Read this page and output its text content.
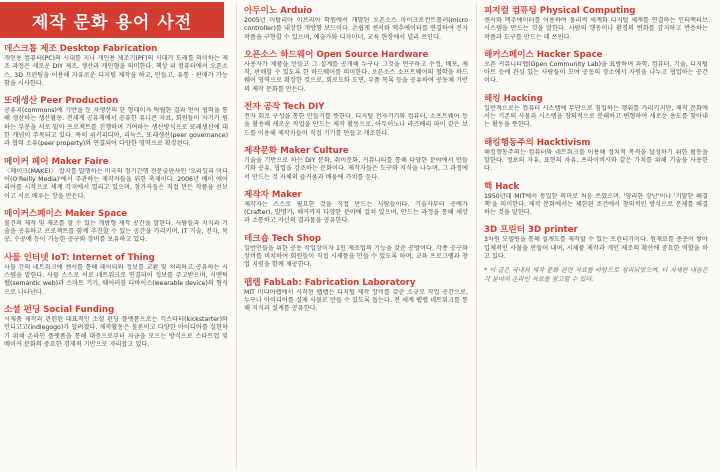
제작 문화 용어 사전
데스크톱 제조 Desktop Fabrication

개인용 컴퓨터(PC)의 시대를 지나 개인용 제조기(PF)의 시대가 도래를 의미하는 제조 과정은 새로운 DIY 제조, 생산과 개인형을 의미한다. 책상 위 컴퓨터에서 오픈소스, 3D 프린팅을 이용해 자유로운 디지털 제작을 하고, 만들고, 유통 · 판매가 가능함을 시사한다.

또래생산 Peer Production

공유지(commons)에 기반을 둔 자생산의 한 형태이자 탁월한 결과 얻어 협력을 통해 생산하는 생산활동. 전세계 공유재에서 공유한 유니콘 자료, 회원들이 자기가 원하는 부분을 서로 맡아 프로젝트를 진행하며 기여하는 생산방식으로 또래생산에 대한 개념이 주목되고 있다. 특히 위키피디아, 리눅스, 또래생산(peer governance)과 협력 소유(peer property)와 연결되어 다양한 영역으로 확장된다.

메이커 페어 Maker Faire

〈메이크(MAKE)〉 잡지를 발행하는 미국의 정기간행 전문출판사인 '오라일리 미디어(O'Reilly Media)'에서 주관하는 제작자들을 위한 축제이다. 2006년 베이 에어리어를 시작으로 세계 각지에서 열리고 있으며, 참가자들은 직접 만든 작품을 선보이고 서로 배우는 장을 만든다.

메이커스페이스 Maker Space

물건의 제작 및 제조를 할 수 있는 개방형 제작 공간을 말한다. 사람들과 지식과 기술을 공유하고 프로젝트를 함께 추진할 수 있는 공간을 가리키며, IT 기술, 전자, 목공, 수공예 등이 가능한 공구와 장비를 보유하고 있다.

사물 인터넷 IoT: Internet of Thing

사물 간의 네트워크에 센서를 통해 데이터와 정보를 교환 및 처리하고 공유하는 시스템을 말한다. 사물 스스로 서로 네트워크로 연결되어 정보를 주고받으며, 시맨틱 웹(semantic web)과 스마트 기기, 웨어러블 디바이스(wearable device)의 형식으로 나타난다.

소셜 펀딩 Social Funding

시제품 제작과 관련된 대표적인 소셜 펀딩 플랫폼으로는 킥스타터(kickstarter)와 인디고고(indiegogo)가 알려졌다. 제작활동은 물론이고 다양한 아이디어를 실현하기 위해 온라인 플랫폼을 통해 대중으로부터 자금을 모으는 방식으로 스타트업 및 메이커 문화의 중요한 경제적 기반으로 자리잡고 있다.

아두이노 Arduio

2005년 이탈리아 이브리아 학원에서 개발된 오픈소스 마이크로컨트롤러(micro controller)를 내장한 개방형 보드이다. 손쉽게 센서와 액추에이터를 연결하여 전자 작품을 구현할 수 있으며, 예술가와 디자이너, 교육 현장에서 널리 쓰인다.

오픈소스 하드웨어 Open Source Hardware

사용자가 제품을 만들고 그 설계를 공개해 누구나 그것을 연구하고 수정, 배포, 제작, 판매할 수 있도록 한 하드웨어를 의미한다. 오픈소스 소프트웨어의 철학을 하드웨어 영역으로 확장한 것으로, 회로도와 도면, 부품 목록 등을 공유하여 공동체 기반의 제작 문화를 만든다.

전자 공작 Tech DIY

전자 회로 구성을 통한 만들기를 뜻한다. 디지털 전자기기와 컴퓨터, 소프트웨어 등을 활용해 새로운 작업을 만드는 제작 활동으로, 아두이노나 라즈베리 파이 같은 보드를 이용해 제작자들이 직접 기기를 만들고 개조한다.

제작문화 Maker Culture

기술을 기반으로 하는 DIY 문화, 취미문화, 커뮤니티를 통해 다양한 분야에서 만들기와 공유, 협업을 강조하는 문화이다. 제작자들은 도구와 지식을 나누며, 그 과정에서 만드는 것 자체의 즐거움과 배움에 가치를 둔다.

제작자 Maker

제작자는 스스로 필요한 것을 직접 만드는 사람들이다. 기술자부터 공예가(Crafter), 발명가, 해커까지 다양한 분야에 걸쳐 있으며, 만드는 과정을 통해 세상과 소통하고 자신의 결과물을 공유한다.

테크숍 Tech Shop

일반인들을 위한 공동 작업장이자 1인 제조업의 기능을 갖춘 공방이다. 각종 공구와 장비를 비치하여 회원들이 직접 시제품을 만들 수 있도록 하며, 교육 프로그램과 창업 지원을 함께 제공한다.

팹랩 FabLab: Fabrication Laboratory

MIT 미디어랩에서 시작된 팹랩은 디지털 제작 장비를 갖춘 소규모 작업 공간으로, 누구나 아이디어를 실제 사물로 만들 수 있도록 돕는다. 전 세계 팹랩 네트워크를 통해 지식과 설계를 공유한다.

피지컬 컴퓨팅 Physical Computing

센서와 액추에이터를 이용하여 물리적 세계와 디지털 세계를 연결하는 인터랙티브 시스템을 만드는 것을 말한다. 사람의 행동이나 환경의 변화를 감지하고 반응하는 작품과 도구를 만드는 데 쓰인다.

해커스페이스 Hacker Space

오픈 커뮤니티랩(Open Community Lab)을 표방하며 과학, 컴퓨터, 기술, 디지털 아트 등에 관심 있는 사람들이 모여 공동의 장소에서 자원을 나누고 협업하는 공간이다.

해킹 Hacking

일반적으로는 컴퓨터 시스템에 무단으로 침입하는 행위를 가리키지만, 제작 문화에서는 기존의 사물과 시스템을 창의적으로 분해하고 변형하여 새로운 용도를 찾아내는 활동을 뜻한다.

해킹행동주의 Hacktivism

해킹행동주의는 컴퓨터와 네트워크를 이용해 정치적 목적을 달성하기 위한 활동을 말한다. 정보의 자유, 표현의 자유, 프라이버시와 같은 가치를 위해 기술을 사용한다.

핵 Hack

1950년대 MIT에서 동일한 의미로 처음 쓰였으며, '영리한 장난'이나 '기발한 해결책'을 의미한다. 제작 문화에서는 제한된 조건에서 창의적인 방식으로 문제를 해결하는 것을 말한다.

3D 프린터 3D printer

3차원 모델링을 통해 설계도를 제작할 수 있는 프린터기이다. 원재료를 층층이 쌓아 입체적인 사물을 만들어 내며, 시제품 제작과 개인 제조의 확산에 중요한 역할을 하고 있다.

* 이 글은 국내외 제작 문화 관련 자료를 바탕으로 정리되었으며, 더 자세한 내용은 각 분야의 온라인 자료를 참고할 수 있다.
